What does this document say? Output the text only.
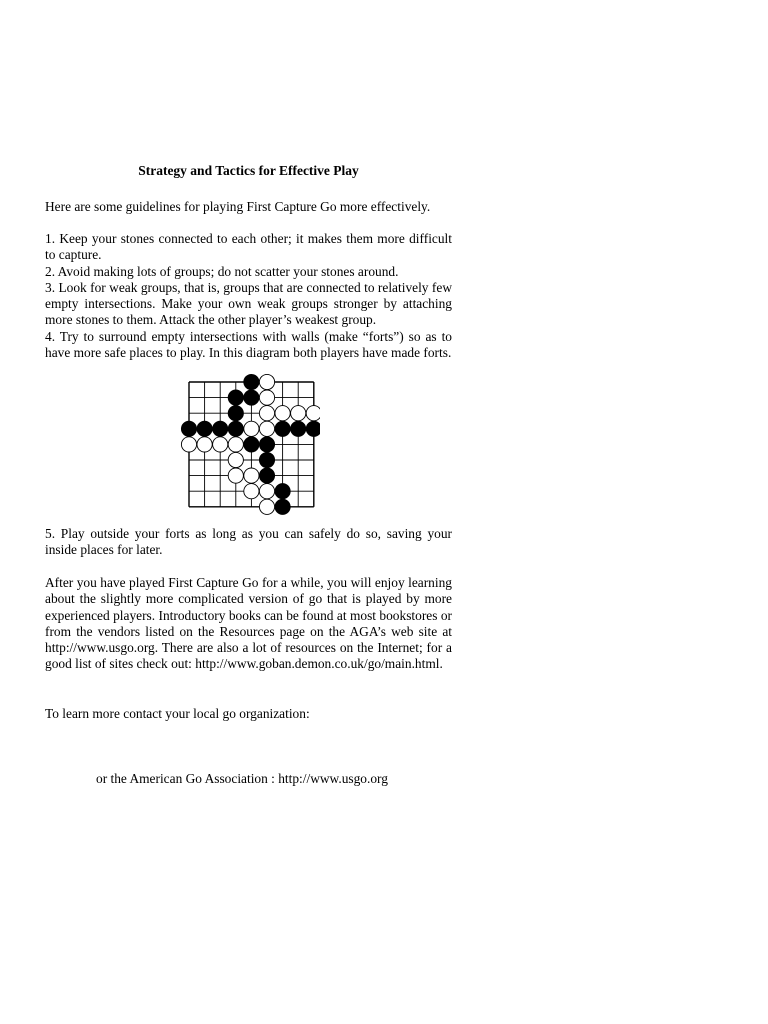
Strategy and Tactics for Effective Play

Here are some guidelines for playing First Capture Go more effectively.

1. Keep your stones connected to each other; it makes them more difficult to capture.
2. Avoid making lots of groups; do not scatter your stones around.
3. Look for weak groups, that is, groups that are connected to relatively few empty intersections. Make your own weak groups stronger by attaching more stones to them. Attack the other player’s weakest group.
4. Try to surround empty intersections with walls (make “forts”) so as to have more safe places to play. In this diagram both players have made forts.

5. Play outside your forts as long as you can safely do so, saving your inside places for later.

After you have played First Capture Go for a while, you will enjoy learning about the slightly more complicated version of go that is played by more experienced players. Introductory books can be found at most bookstores or from the vendors listed on the Resources page on the AGA’s web site at http://www.usgo.org. There are also a lot of resources on the Internet; for a good list of sites check out: http://www.goban.demon.co.uk/go/main.html.

To learn more contact your local go organization:

or the American Go Association : http://www.usgo.org
